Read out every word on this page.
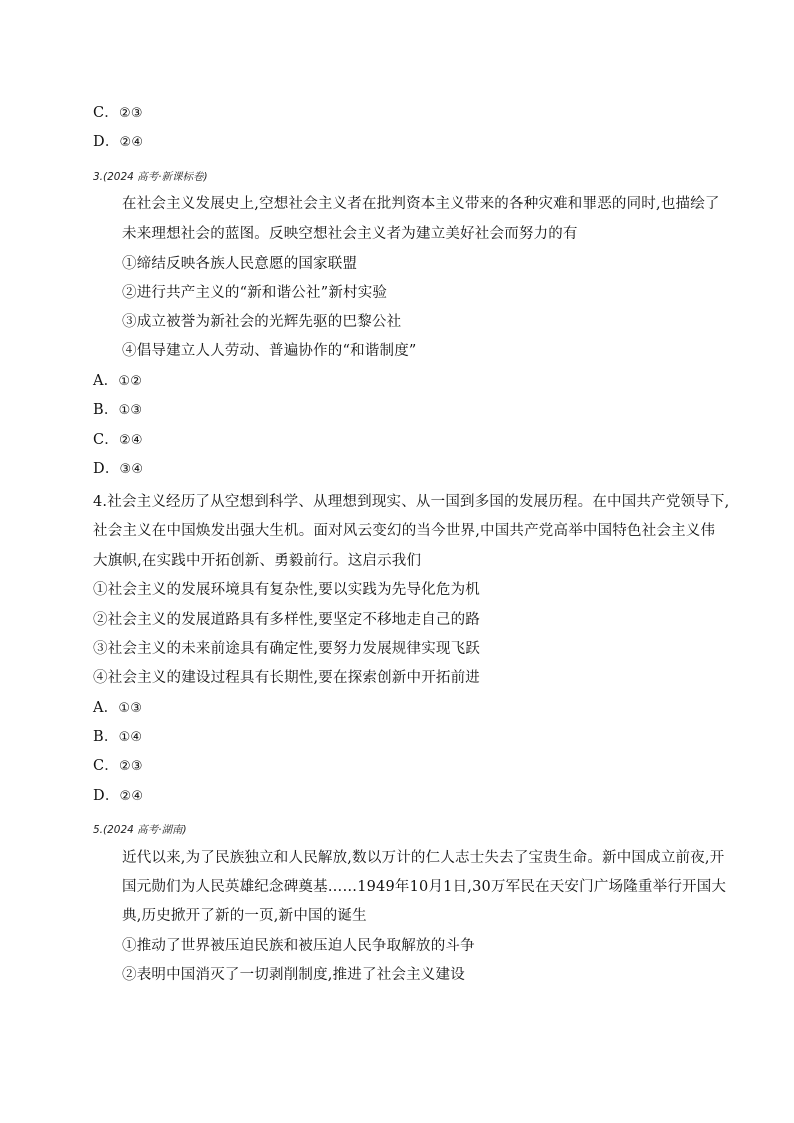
C．②③
D．②④
3.(2024 高考·新课标卷)
在社会主义发展史上,空想社会主义者在批判资本主义带来的各种灾难和罪恶的同时,也描绘了
未来理想社会的蓝图。反映空想社会主义者为建立美好社会而努力的有
①缔结反映各族人民意愿的国家联盟
②进行共产主义的“新和谐公社”新村实验
③成立被誉为新社会的光辉先驱的巴黎公社
④倡导建立人人劳动、普遍协作的“和谐制度”
A．①②
B．①③
C．②④
D．③④
4.社会主义经历了从空想到科学、从理想到现实、从一国到多国的发展历程。在中国共产党领导下,
社会主义在中国焕发出强大生机。面对风云变幻的当今世界,中国共产党高举中国特色社会主义伟
大旗帜,在实践中开拓创新、勇毅前行。这启示我们
①社会主义的发展环境具有复杂性,要以实践为先导化危为机
②社会主义的发展道路具有多样性,要坚定不移地走自己的路
③社会主义的未来前途具有确定性,要努力发展规律实现飞跃
④社会主义的建设过程具有长期性,要在探索创新中开拓前进
A．①③
B．①④
C．②③
D．②④
5.(2024 高考·湖南)
近代以来,为了民族独立和人民解放,数以万计的仁人志士失去了宝贵生命。新中国成立前夜,开
国元勋们为人民英雄纪念碑奠基……1949年10月1日,30万军民在天安门广场隆重举行开国大
典,历史掀开了新的一页,新中国的诞生
①推动了世界被压迫民族和被压迫人民争取解放的斗争
②表明中国消灭了一切剥削制度,推进了社会主义建设
